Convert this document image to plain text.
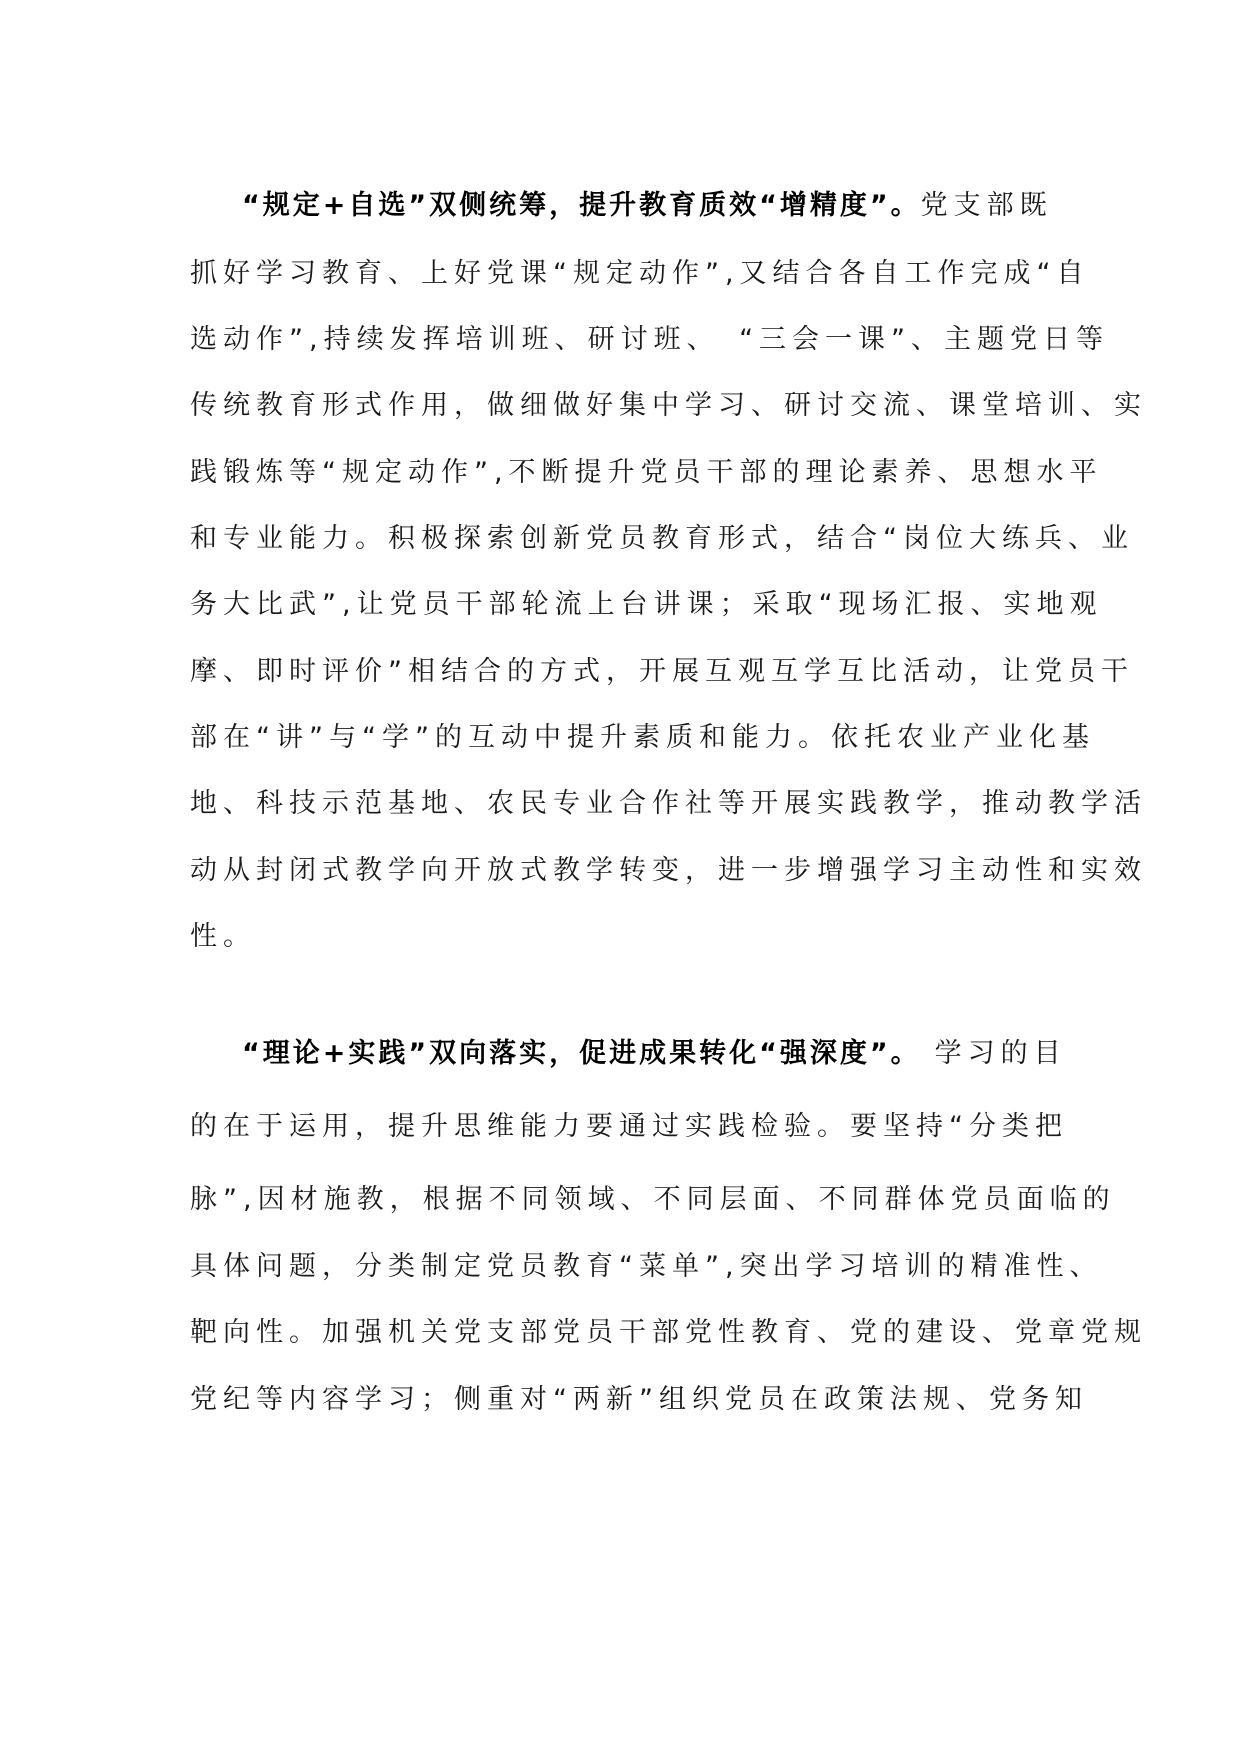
“规定+自选”双侧统筹，提升教育质效“增精度”。党支部既
抓好学习教育、上好党课“规定动作”,又结合各自工作完成“自
选动作”,持续发挥培训班、研讨班、　“三会一课”、主题党日等
传统教育形式作用，做细做好集中学习、研讨交流、课堂培训、实
践锻炼等“规定动作”,不断提升党员干部的理论素养、思想水平
和专业能力。积极探索创新党员教育形式，结合“岗位大练兵、业
务大比武”,让党员干部轮流上台讲课；采取“现场汇报、实地观
摩、即时评价”相结合的方式，开展互观互学互比活动，让党员干
部在“讲”与“学”的互动中提升素质和能力。依托农业产业化基
地、科技示范基地、农民专业合作社等开展实践教学，推动教学活
动从封闭式教学向开放式教学转变，进一步增强学习主动性和实效
性。
“理论+实践”双向落实，促进成果转化“强深度”。 学习的目
的在于运用，提升思维能力要通过实践检验。要坚持“分类把
脉”,因材施教，根据不同领域、不同层面、不同群体党员面临的
具体问题，分类制定党员教育“菜单”,突出学习培训的精准性、
靶向性。加强机关党支部党员干部党性教育、党的建设、党章党规
党纪等内容学习；侧重对“两新”组织党员在政策法规、党务知
